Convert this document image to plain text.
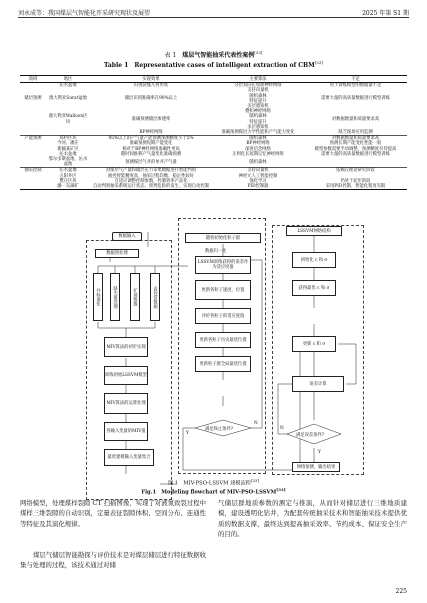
刘永成等：我国煤层气智能化开采研究现状及展望	2025 年第 S1 期
表 1　 煤层气智能抽采代表性案例[33]
Table 1　 Representative cases of intelligent extraction of CBM[33]
领域	地区	实现效果	主要算法	不足
	沁水盆地	识别裂缝几何形状	分层双向长短期神经网络	用于训练模型的数据量不足
储层预测	澳大利亚Surat盆地	储层识别准确率在90%以上	支持向量机
随机森林
特征提升
多层感知机	需要大量的高质量数据进行模型训练
	澳大利亚Walloon区块	准确预测储层渗透率	叠积神经网络
随机森林
特征提升
多层感知机	对数据数量和质量要求高
		BP神经网络	准确预测煤层力学性能和产气能力变化	缺乏现场应用监测
产能预测	郑村区块	95%以上的产气量产能预测预测精度小于5%	随机森林	对数据数量和质量要求高
	今河、潘庄	准确预测短期产能变化	BP神经网络	预测长期产能变化性能一般
	新疆某矿区	相对于BP神经网络准确性更高	深度信念网络	模型参数需要手动调整，预测精度有待提高
	沁水盆地	随时间推移产气量变化准确预测	正则化长短期记忆神经网络	需要大量的高质量数据进行模型训练
	鄂尔多斯盆地、沁水盆地	预测煤层气井的单井产气量	随机森林	
抽采控制	沁水盆地	对煤层气产量和储层压力采集数据进行智能判别	支持向量机	依赖在理论研究阶段
	五阳井区	液控智能精度高、抽采过程均衡、稳定性较好	神经元人工智能控制	
	樊庄区块	自适应调整控制参数，控制效率产品化	强化学习	仍处于起步阶段
	潞一东湖矿	自动判别抽采系统运行状态、预判危险的发生、实现自动控制	PID控制器	采用PID控制、智能化程度有限
数据输入
数据预处理
并标准化	缺失值处理	扩展维数	去异常数据
MIV算法的初步实现
训练初始LSSVM模型
MIV算法的运算处理
各输入变量的MIV值
最优建模输入变量集合
随机初始化粒子群
数据归一化
LSSVM训练获得的误差作为适应度值
更新各粒子速度、位置
评价各粒子的适应度值
更新各粒子历史最优位置
更新粒子群全局最优位置
满足终止条件?
N
Y
LSSVM网络结构
初始化 c 和 σ
获得最优 c 和 σ
误差计算
更新 c 和 σ
满足误差条件?
N
Y
网络预测，输出结果
图 1　MIV-PSO-LSSVM 建模流程[33]
Fig.1　Modeling flowchart of MIV-PSO-LSSVM[33]
网络模型，处理煤样裂隙 CT 扫描图像，实现了对液氮致裂过程中煤样三维裂隙的自动识别，定量表征裂隙体积、空间分布、连通性等特征及其演化规律。
煤层气储层智能勘探与评价技术是对煤层储层进行特征数据收集与处理的过程，该技术通过对储
气储层群地质参数的测定与推演，从而针对储层进行三维地质建模，建设透明化钻井，为配套传统抽采技术和智能抽采技术提供优质的数据支撑，最终达到提高抽采效率、节约成本、保证安全生产的目的。
225
